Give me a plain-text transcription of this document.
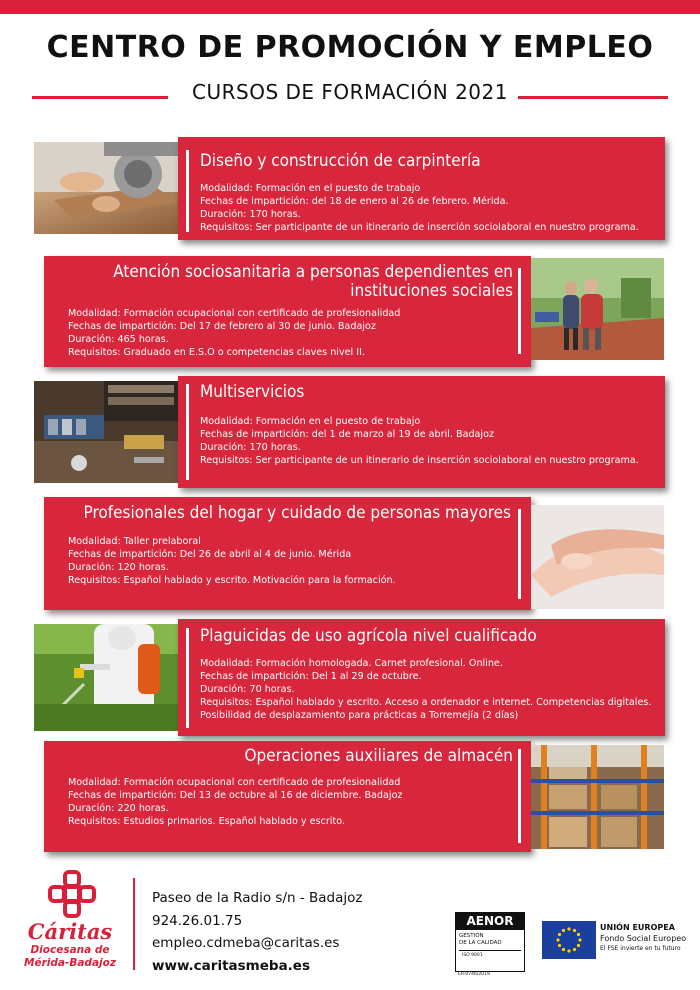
CENTRO DE PROMOCIÓN Y EMPLEO
CURSOS DE FORMACIÓN 2021
Diseño y construcción de carpintería
Modalidad: Formación en el puesto de trabajo
Fechas de impartición: del 18 de enero al 26 de febrero. Mérida.
Duración: 170 horas.
Requisitos: Ser participante de un itinerario de inserción sociolaboral en nuestro programa.
Atención sociosanitaria a personas dependientes en
instituciones sociales
Modalidad: Formación ocupacional con certificado de profesionalidad
Fechas de impartición: Del 17 de febrero al 30 de junio. Badajoz
Duración: 465 horas.
Requisitos: Graduado en E.S.O o competencias claves nivel II.
Multiservicios
Modalidad: Formación en el puesto de trabajo
Fechas de impartición: del 1 de marzo al 19 de abril. Badajoz
Duración: 170 horas.
Requisitos: Ser participante de un itinerario de inserción sociolaboral en nuestro programa.
Profesionales del hogar y cuidado de personas mayores
Modalidad: Taller prelaboral
Fechas de impartición: Del 26 de abril al 4 de junio. Mérida
Duración: 120 horas.
Requisitos: Español hablado y escrito. Motivación para la formación.
Plaguicidas de uso agrícola nivel cualificado
Modalidad: Formación homologada. Carnet profesional. Online.
Fechas de impartición: Del 1 al 29 de octubre.
Duración: 70 horas.
Requisitos: Español hablado y escrito. Acceso a ordenador e internet. Competencias digitales.
Posibilidad de desplazamiento para prácticas a Torremejía (2 días)
Operaciones auxiliares de almacén
Modalidad: Formación ocupacional con certificado de profesionalidad
Fechas de impartición: Del 13 de octubre al 16 de diciembre. Badajoz
Duración: 220 horas.
Requisitos: Estudios primarios. Español hablado y escrito.
Cáritas
Diocesana de
Mérida-Badajoz
Paseo de la Radio s/n - Badajoz
924.26.01.75
empleo.cdmeba@caritas.es
www.caritasmeba.es
AENOR
GESTIÓN
DE LA CALIDAD
ISO 9001
ER-0746/2019
UNIÓN EUROPEA
Fondo Social Europeo
El FSE invierte en tu futuro
